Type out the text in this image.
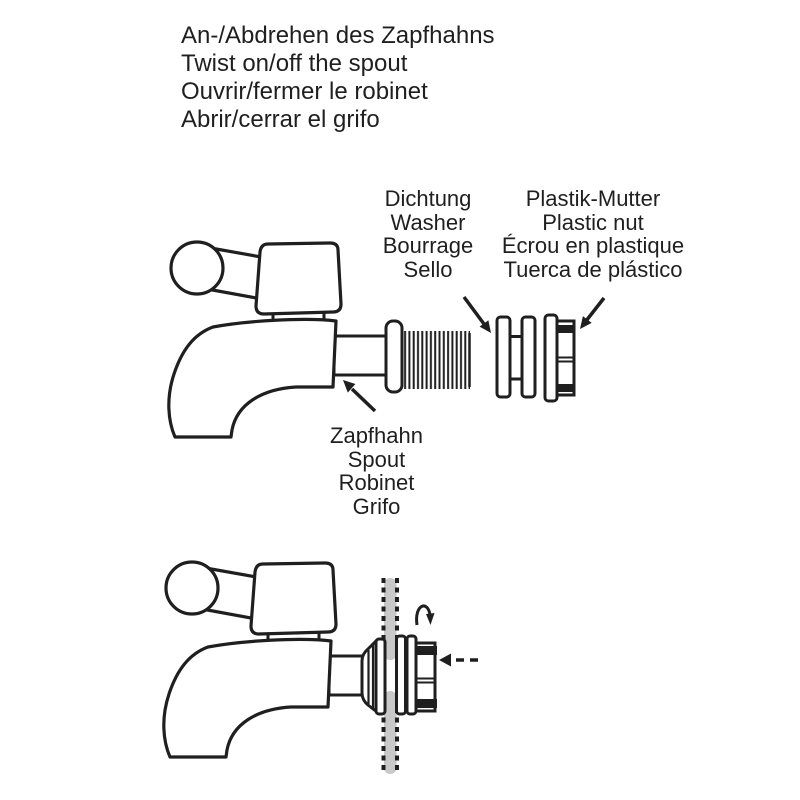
An-/Abdrehen des Zapfhahns
Twist on/off the spout
Ouvrir/fermer le robinet
Abrir/cerrar el grifo
Dichtung
Washer
Bourrage
Sello
Plastik-Mutter
Plastic nut
Écrou en plastique
Tuerca de plástico
Zapfhahn
Spout
Robinet
Grifo
